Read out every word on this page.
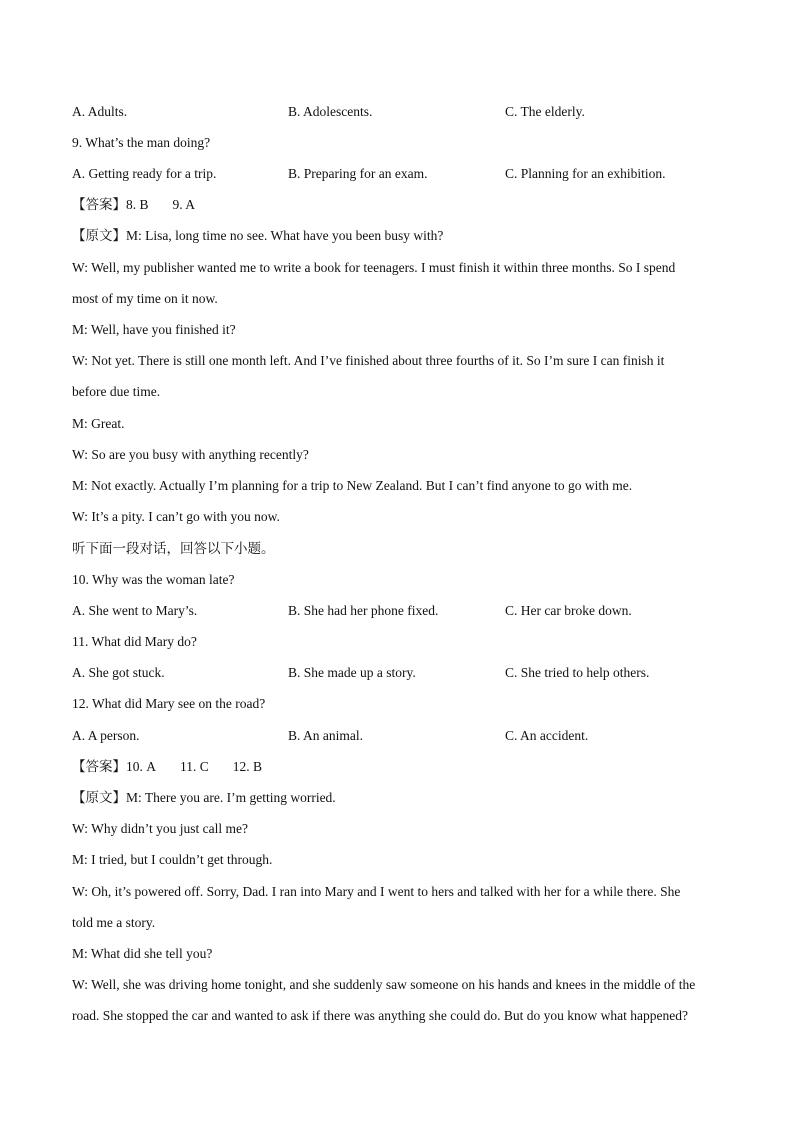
A. Adults.	B. Adolescents.	C. The elderly.
9. What’s the man doing?
A. Getting ready for a trip.	B. Preparing for an exam.	C. Planning for an exhibition.
【答案】8. B 9. A
【原文】M: Lisa, long time no see. What have you been busy with?
W: Well, my publisher wanted me to write a book for teenagers. I must finish it within three months. So I spend
most of my time on it now.
M: Well, have you finished it?
W: Not yet. There is still one month left. And I’ve finished about three fourths of it. So I’m sure I can finish it
before due time.
M: Great.
W: So are you busy with anything recently?
M: Not exactly. Actually I’m planning for a trip to New Zealand. But I can’t find anyone to go with me.
W: It’s a pity. I can’t go with you now.
听下面一段对话，回答以下小题。
10. Why was the woman late?
A. She went to Mary’s.	B. She had her phone fixed.	C. Her car broke down.
11. What did Mary do?
A. She got stuck.	B. She made up a story.	C. She tried to help others.
12. What did Mary see on the road?
A. A person.	B. An animal.	C. An accident.
【答案】10. A 11. C 12. B
【原文】M: There you are. I’m getting worried.
W: Why didn’t you just call me?
M: I tried, but I couldn’t get through.
W: Oh, it’s powered off. Sorry, Dad. I ran into Mary and I went to hers and talked with her for a while there. She
told me a story.
M: What did she tell you?
W: Well, she was driving home tonight, and she suddenly saw someone on his hands and knees in the middle of the
road. She stopped the car and wanted to ask if there was anything she could do. But do you know what happened?
